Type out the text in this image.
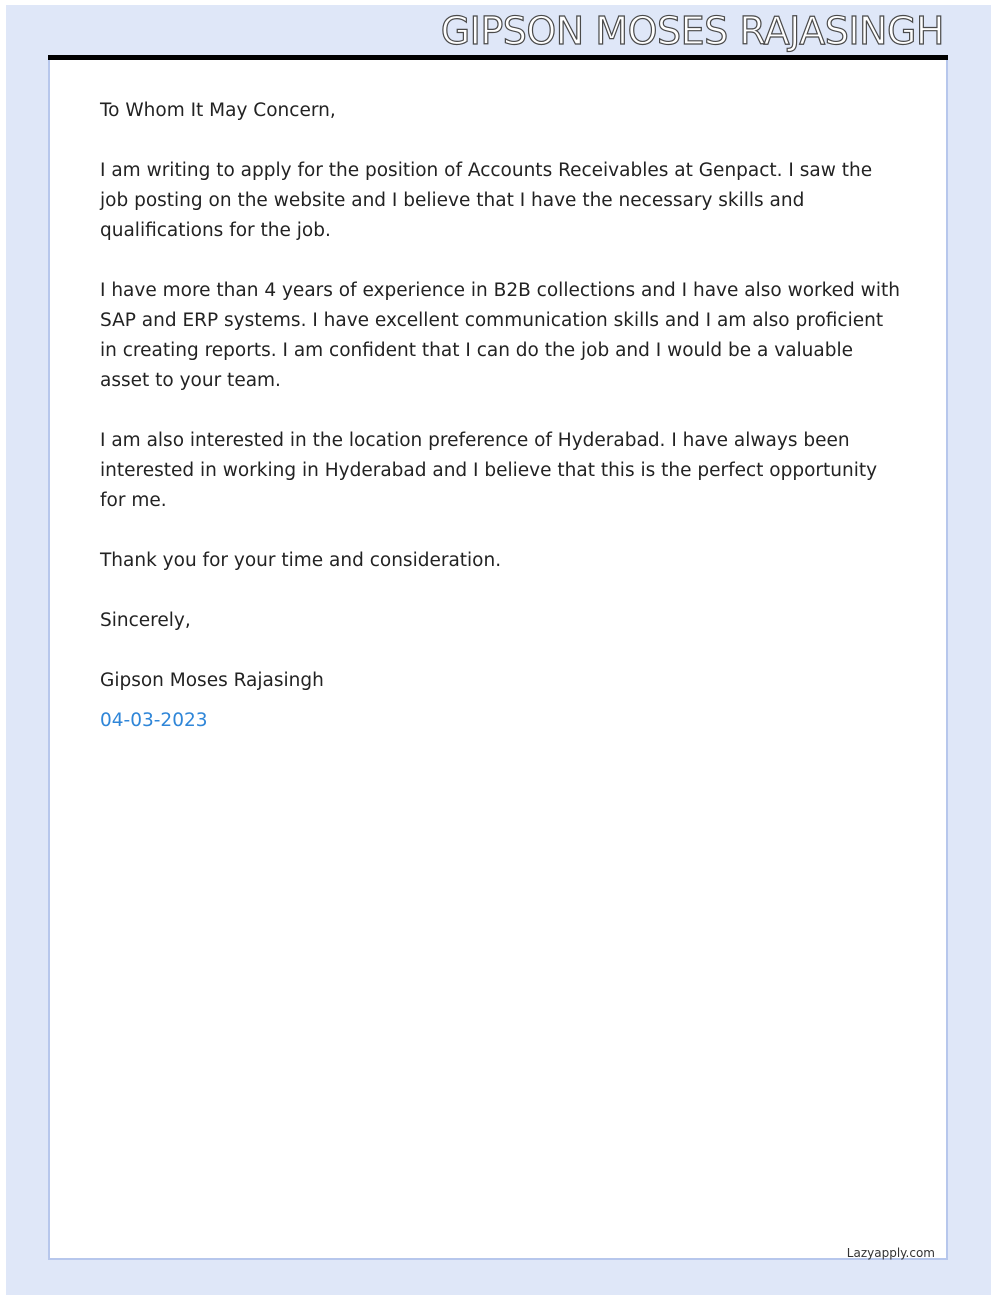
GIPSON MOSES RAJASINGH

To Whom It May Concern,

I am writing to apply for the position of Accounts Receivables at Genpact. I saw the job posting on the website and I believe that I have the necessary skills and qualifications for the job.

I have more than 4 years of experience in B2B collections and I have also worked with SAP and ERP systems. I have excellent communication skills and I am also proficient in creating reports. I am confident that I can do the job and I would be a valuable asset to your team.

I am also interested in the location preference of Hyderabad. I have always been interested in working in Hyderabad and I believe that this is the perfect opportunity for me.

Thank you for your time and consideration.

Sincerely,

Gipson Moses Rajasingh

04-03-2023

Lazyapply.com
